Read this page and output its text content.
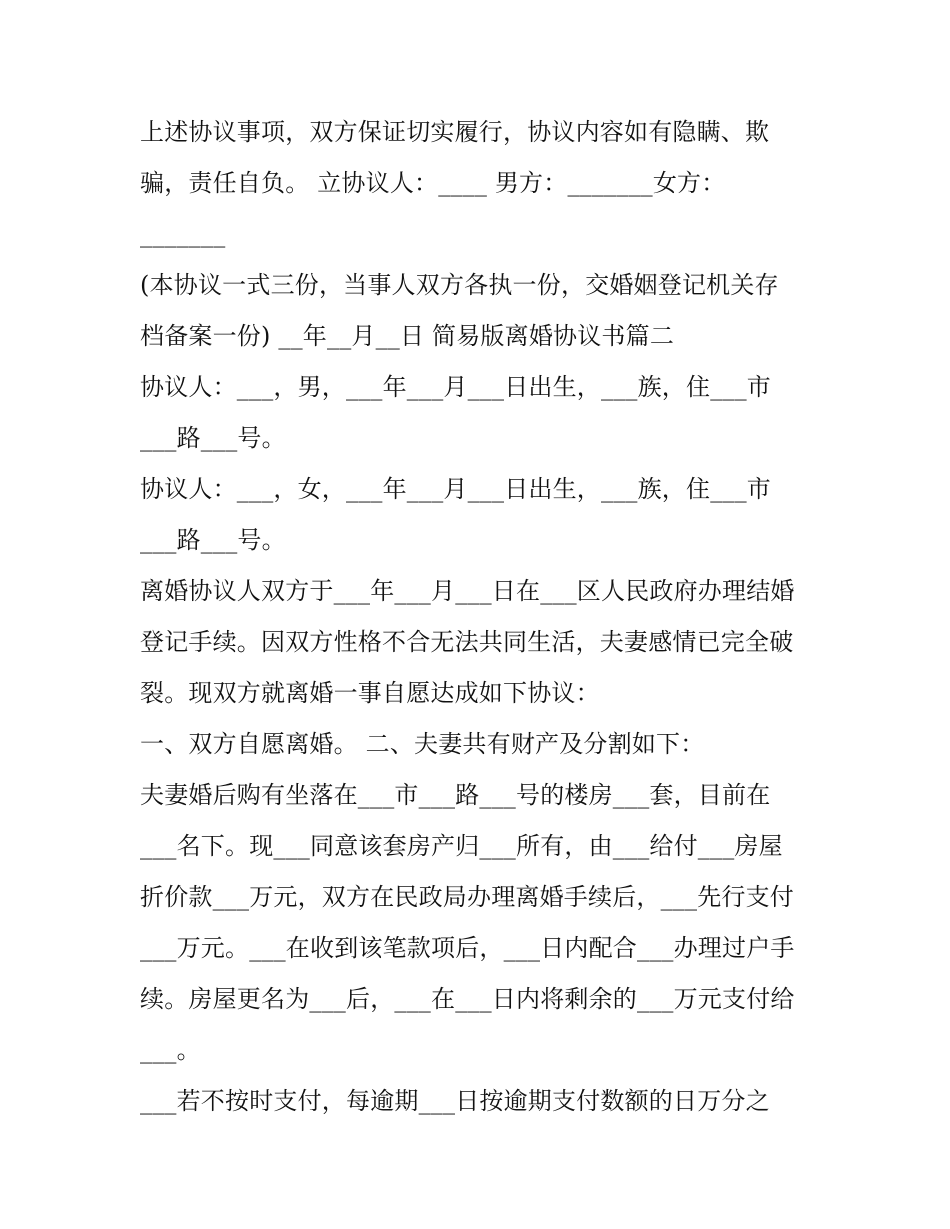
上述协议事项，双方保证切实履行，协议内容如有隐瞒、欺
骗，责任自负。 立协议人：____ 男方：_______女方：
_______
(本协议一式三份，当事人双方各执一份，交婚姻登记机关存
档备案一份) __年__月__日 简易版离婚协议书篇二
协议人：___，男，___年___月___日出生，___族，住___市
___路___号。
协议人：___，女，___年___月___日出生，___族，住___市
___路___号。
离婚协议人双方于___年___月___日在___区人民政府办理结婚
登记手续。因双方性格不合无法共同生活，夫妻感情已完全破
裂。现双方就离婚一事自愿达成如下协议：
一、双方自愿离婚。 二、夫妻共有财产及分割如下：
夫妻婚后购有坐落在___市___路___号的楼房___套，目前在
___名下。现___同意该套房产归___所有，由___给付___房屋
折价款___万元，双方在民政局办理离婚手续后，___先行支付
___万元。___在收到该笔款项后，___日内配合___办理过户手
续。房屋更名为___后，___在___日内将剩余的___万元支付给
___。
___若不按时支付，每逾期___日按逾期支付数额的日万分之
